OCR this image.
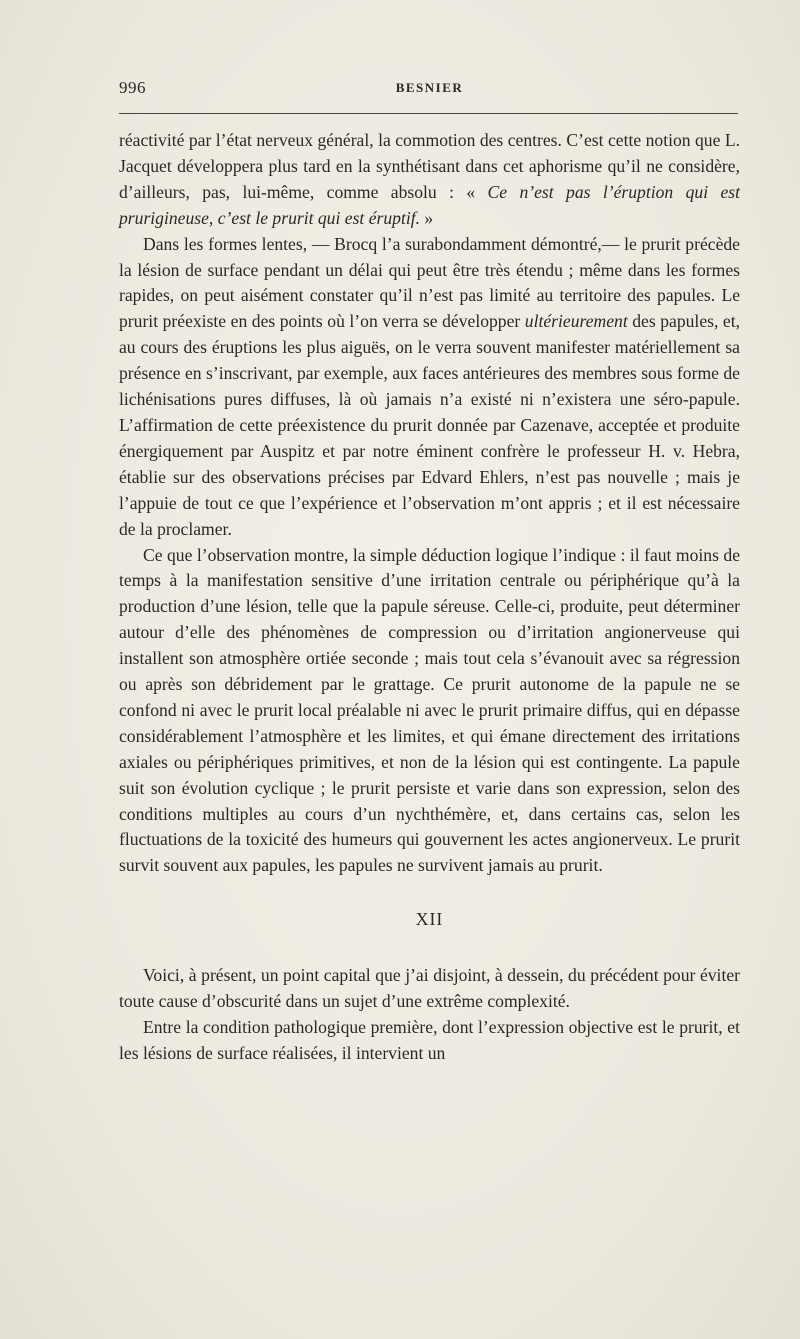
996	BESNIER

réactivité par l’état nerveux général, la commotion des centres. C’est cette notion que L. Jacquet développera plus tard en la synthétisant dans cet aphorisme qu’il ne considère, d’ailleurs, pas, lui-même, comme absolu : « Ce n’est pas l’éruption qui est prurigineuse, c’est le prurit qui est éruptif. »

Dans les formes lentes, — Brocq l’a surabondamment démontré,— le prurit précède la lésion de surface pendant un délai qui peut être très étendu ; même dans les formes rapides, on peut aisément constater qu’il n’est pas limité au territoire des papules. Le prurit préexiste en des points où l’on verra se développer ultérieurement des papules, et, au cours des éruptions les plus aiguës, on le verra souvent manifester matériellement sa présence en s’inscrivant, par exemple, aux faces antérieures des membres sous forme de lichénisations pures diffuses, là où jamais n’a existé ni n’existera une séro-papule. L’affirmation de cette préexistence du prurit donnée par Cazenave, acceptée et produite énergiquement par Auspitz et par notre éminent confrère le professeur H. v. Hebra, établie sur des observations précises par Edvard Ehlers, n’est pas nouvelle ; mais je l’appuie de tout ce que l’expérience et l’observation m’ont appris ; et il est nécessaire de la proclamer.

Ce que l’observation montre, la simple déduction logique l’indique : il faut moins de temps à la manifestation sensitive d’une irritation centrale ou périphérique qu’à la production d’une lésion, telle que la papule séreuse. Celle-ci, produite, peut déterminer autour d’elle des phénomènes de compression ou d’irritation angionerveuse qui installent son atmosphère ortiée seconde ; mais tout cela s’évanouit avec sa régression ou après son débridement par le grattage. Ce prurit autonome de la papule ne se confond ni avec le prurit local préalable ni avec le prurit primaire diffus, qui en dépasse considérablement l’atmosphère et les limites, et qui émane directement des irritations axiales ou périphériques primitives, et non de la lésion qui est contingente. La papule suit son évolution cyclique ; le prurit persiste et varie dans son expression, selon des conditions multiples au cours d’un nychthémère, et, dans certains cas, selon les fluctuations de la toxicité des humeurs qui gouvernent les actes angionerveux. Le prurit survit souvent aux papules, les papules ne survivent jamais au prurit.

XII

Voici, à présent, un point capital que j’ai disjoint, à dessein, du précédent pour éviter toute cause d’obscurité dans un sujet d’une extrême complexité.

Entre la condition pathologique première, dont l’expression objective est le prurit, et les lésions de surface réalisées, il intervient un
